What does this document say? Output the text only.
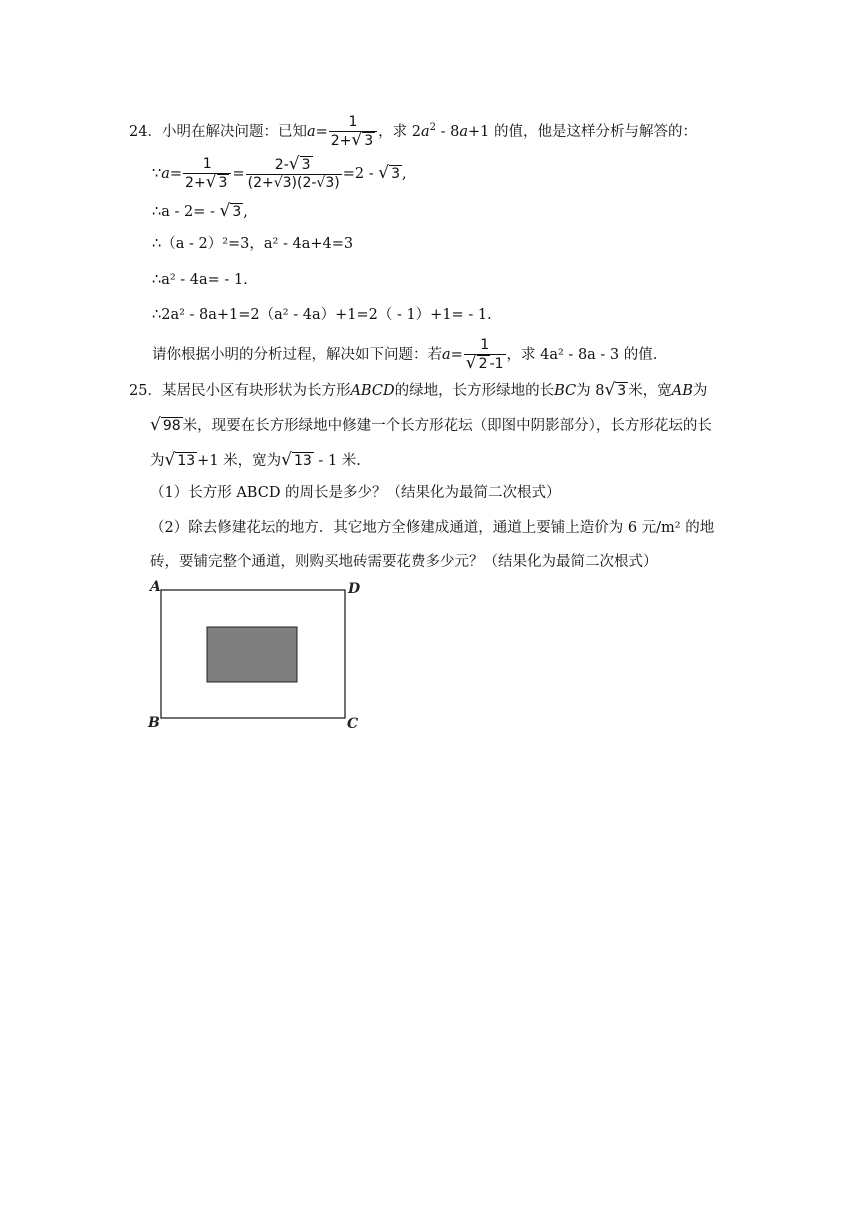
24．小明在解决问题：已知$a= \frac{1}{2+√ 3}$ ，求 $2a^2 - 8a+1$ 的值，他是这样分析与解答的：
∵a= $\frac{1}{2+√ 3} = \frac{2-√ 3}{(2+√3)(2-√3)} =2$ - √ 3 ,
∴a - 2= - √ 3 ,
∴（a - 2）²=3，a² - 4a+4=3
∴a² - 4a= - 1.
∴2a² - 8a+1=2（a² - 4a）+1=2（ - 1）+1= - 1.
请你根据小明的分析过程，解决如下问题：若$a= \frac{1}{√ 2 -1}$ ，求 4a² - 8a - 3 的值.
25．某居民小区有块形状为长方形ABCD的绿地，长方形绿地的长BC为 8√ 3 米，宽AB为
√ 98 米，现要在长方形绿地中修建一个长方形花坛（即图中阴影部分），长方形花坛的长
为√ 13 +1 米，宽为√ 13 - 1 米.
（1）长方形 ABCD 的周长是多少？（结果化为最简二次根式）
（2）除去修建花坛的地方．其它地方全修建成通道，通道上要铺上造价为 6 元/m² 的地
砖，要铺完整个通道，则购买地砖需要花费多少元？（结果化为最简二次根式）
A	D
B	C
